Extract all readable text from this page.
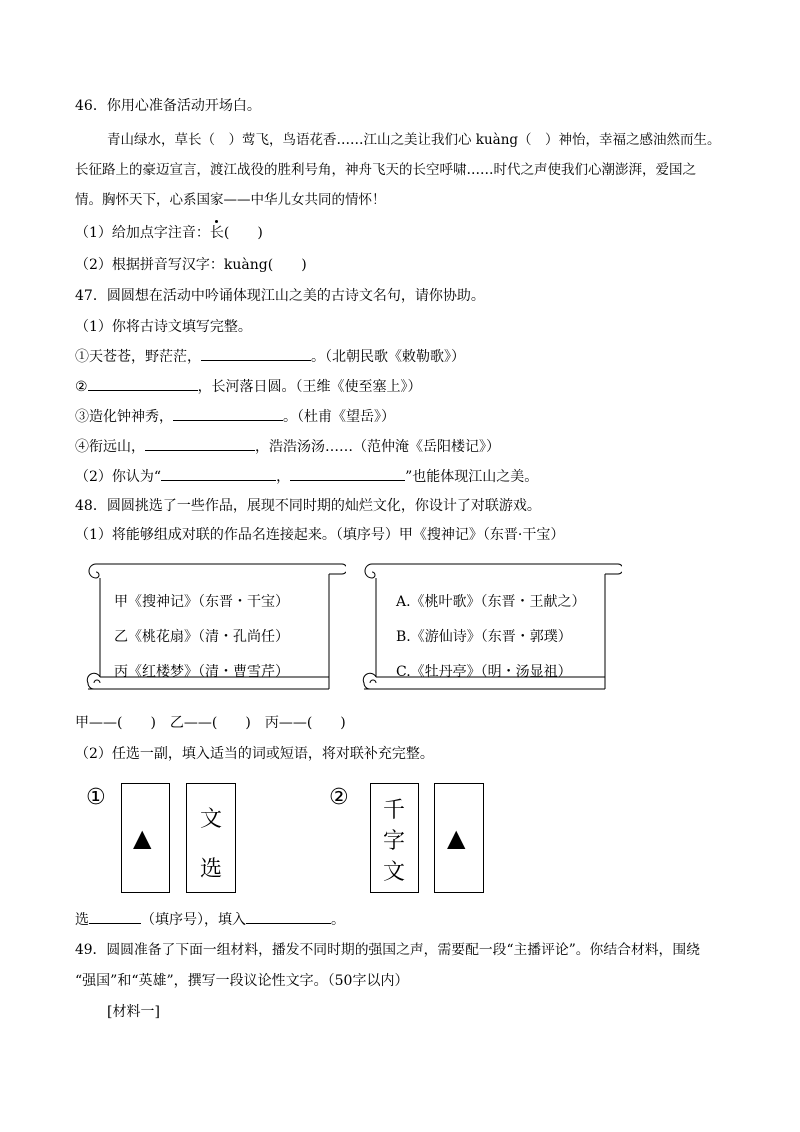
46．你用心准备活动开场白。
青山绿水，草长（　）莺飞，鸟语花香……江山之美让我们心 kuàng（　）神怡，幸福之感油然而生。
长征路上的豪迈宣言，渡江战役的胜利号角，神舟飞天的长空呼啸……时代之声使我们心潮澎湃，爱国之
情。胸怀天下，心系国家——中华儿女共同的情怀！
（1）给加点字注音：长(　　)
（2）根据拼音写汉字：kuàng(　　)
47．圆圆想在活动中吟诵体现江山之美的古诗文名句，请你协助。
（1）你将古诗文填写完整。
①天苍苍，野茫茫，	。（北朝民歌《敕勒歌》）
②	，长河落日圆。（王维《使至塞上》）
③造化钟神秀，	。（杜甫《望岳》）
④衔远山，	，浩浩汤汤……（范仲淹《岳阳楼记》）
（2）你认为“	，	”也能体现江山之美。
48．圆圆挑选了一些作品，展现不同时期的灿烂文化，你设计了对联游戏。
（1）将能够组成对联的作品名连接起来。（填序号）甲《搜神记》（东晋·干宝）
甲《搜神记》（东晋・干宝）
乙《桃花扇》（清・孔尚任）
丙《红楼梦》（清・曹雪芹）
A.《桃叶歌》（东晋・王献之）
B.《游仙诗》（东晋・郭璞）
C.《牡丹亭》（明・汤显祖）
甲——(　　)　乙——(　　)　丙——(　　)
（2）任选一副，填入适当的词或短语，将对联补充完整。
①
▲
文
选
②
千
字
文
▲
选	（填序号），填入	。
49．圆圆准备了下面一组材料，播发不同时期的强国之声，需要配一段“主播评论”。你结合材料，围绕
“强国”和“英雄”，撰写一段议论性文字。（50字以内）
[材料一]
